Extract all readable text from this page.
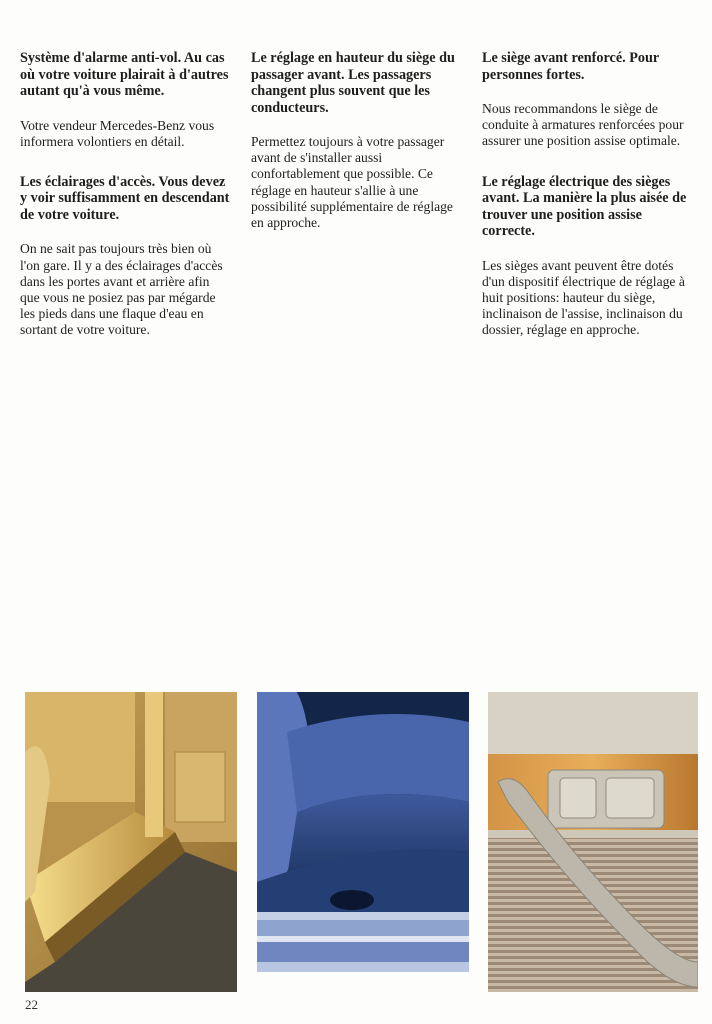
Système d'alarme anti-vol. Au cas où votre voiture plairait à d'autres autant qu'à vous même.
Votre vendeur Mercedes-Benz vous informera volontiers en détail.
Les éclairages d'accès. Vous devez y voir suffisamment en descendant de votre voiture.
On ne sait pas toujours très bien où l'on gare. Il y a des éclairages d'accès dans les portes avant et arrière afin que vous ne posiez pas par mégarde les pieds dans une flaque d'eau en sortant de votre voiture.
Le réglage en hauteur du siège du passager avant. Les passagers changent plus souvent que les conducteurs.
Permettez toujours à votre passager avant de s'installer aussi confortablement que possible. Ce réglage en hauteur s'allie à une possibilité supplémentaire de réglage en approche.
Le siège avant renforcé. Pour personnes fortes.
Nous recommandons le siège de conduite à armatures renforcées pour assurer une position assise optimale.
Le réglage électrique des sièges avant. La manière la plus aisée de trouver une position assise correcte.
Les sièges avant peuvent être dotés d'un dispositif électrique de réglage à huit positions: hauteur du siège, inclinaison de l'assise, inclinaison du dossier, réglage en approche.
22
